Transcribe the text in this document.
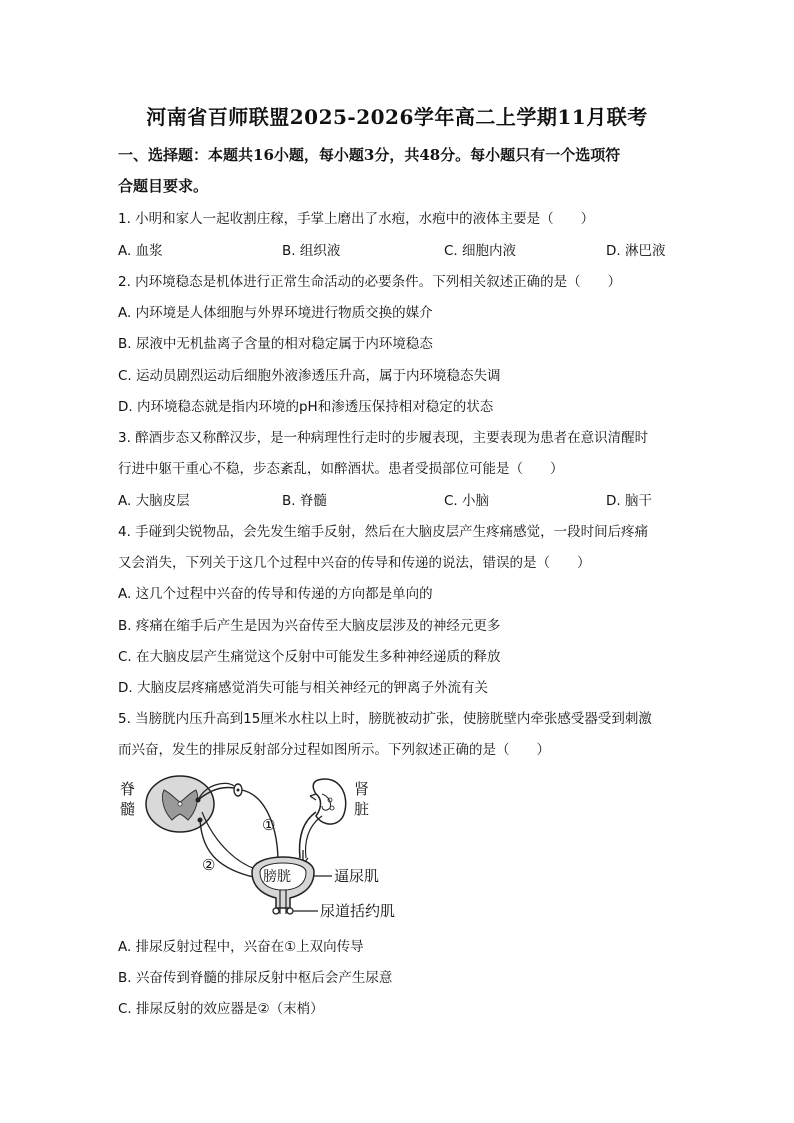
河南省百师联盟2025-2026学年高二上学期11月联考
一、选择题：本题共16小题，每小题3分，共48分。每小题只有一个选项符
合题目要求。
1. 小明和家人一起收割庄稼，手掌上磨出了水疱，水疱中的液体主要是（　　）
A. 血浆	B. 组织液	C. 细胞内液	D. 淋巴液
2. 内环境稳态是机体进行正常生命活动的必要条件。下列相关叙述正确的是（　　）
A. 内环境是人体细胞与外界环境进行物质交换的媒介
B. 尿液中无机盐离子含量的相对稳定属于内环境稳态
C. 运动员剧烈运动后细胞外液渗透压升高，属于内环境稳态失调
D. 内环境稳态就是指内环境的pH和渗透压保持相对稳定的状态
3. 醉酒步态又称醉汉步，是一种病理性行走时的步履表现，主要表现为患者在意识清醒时
行进中躯干重心不稳，步态紊乱，如醉酒状。患者受损部位可能是（　　）
A. 大脑皮层	B. 脊髓	C. 小脑	D. 脑干
4. 手碰到尖锐物品，会先发生缩手反射，然后在大脑皮层产生疼痛感觉，一段时间后疼痛
又会消失，下列关于这几个过程中兴奋的传导和传递的说法，错误的是（　　）
A. 这几个过程中兴奋的传导和传递的方向都是单向的
B. 疼痛在缩手后产生是因为兴奋传至大脑皮层涉及的神经元更多
C. 在大脑皮层产生痛觉这个反射中可能发生多种神经递质的释放
D. 大脑皮层疼痛感觉消失可能与相关神经元的钾离子外流有关
5. 当膀胱内压升高到15厘米水柱以上时，膀胱被动扩张，使膀胱壁内牵张感受器受到刺激
而兴奋，发生的排尿反射部分过程如图所示。下列叙述正确的是（　　）
脊
髓
肾
脏
①
②
膀胱	逼尿肌
尿道括约肌
A. 排尿反射过程中，兴奋在①上双向传导
B. 兴奋传到脊髓的排尿反射中枢后会产生尿意
C. 排尿反射的效应器是②（末梢）
